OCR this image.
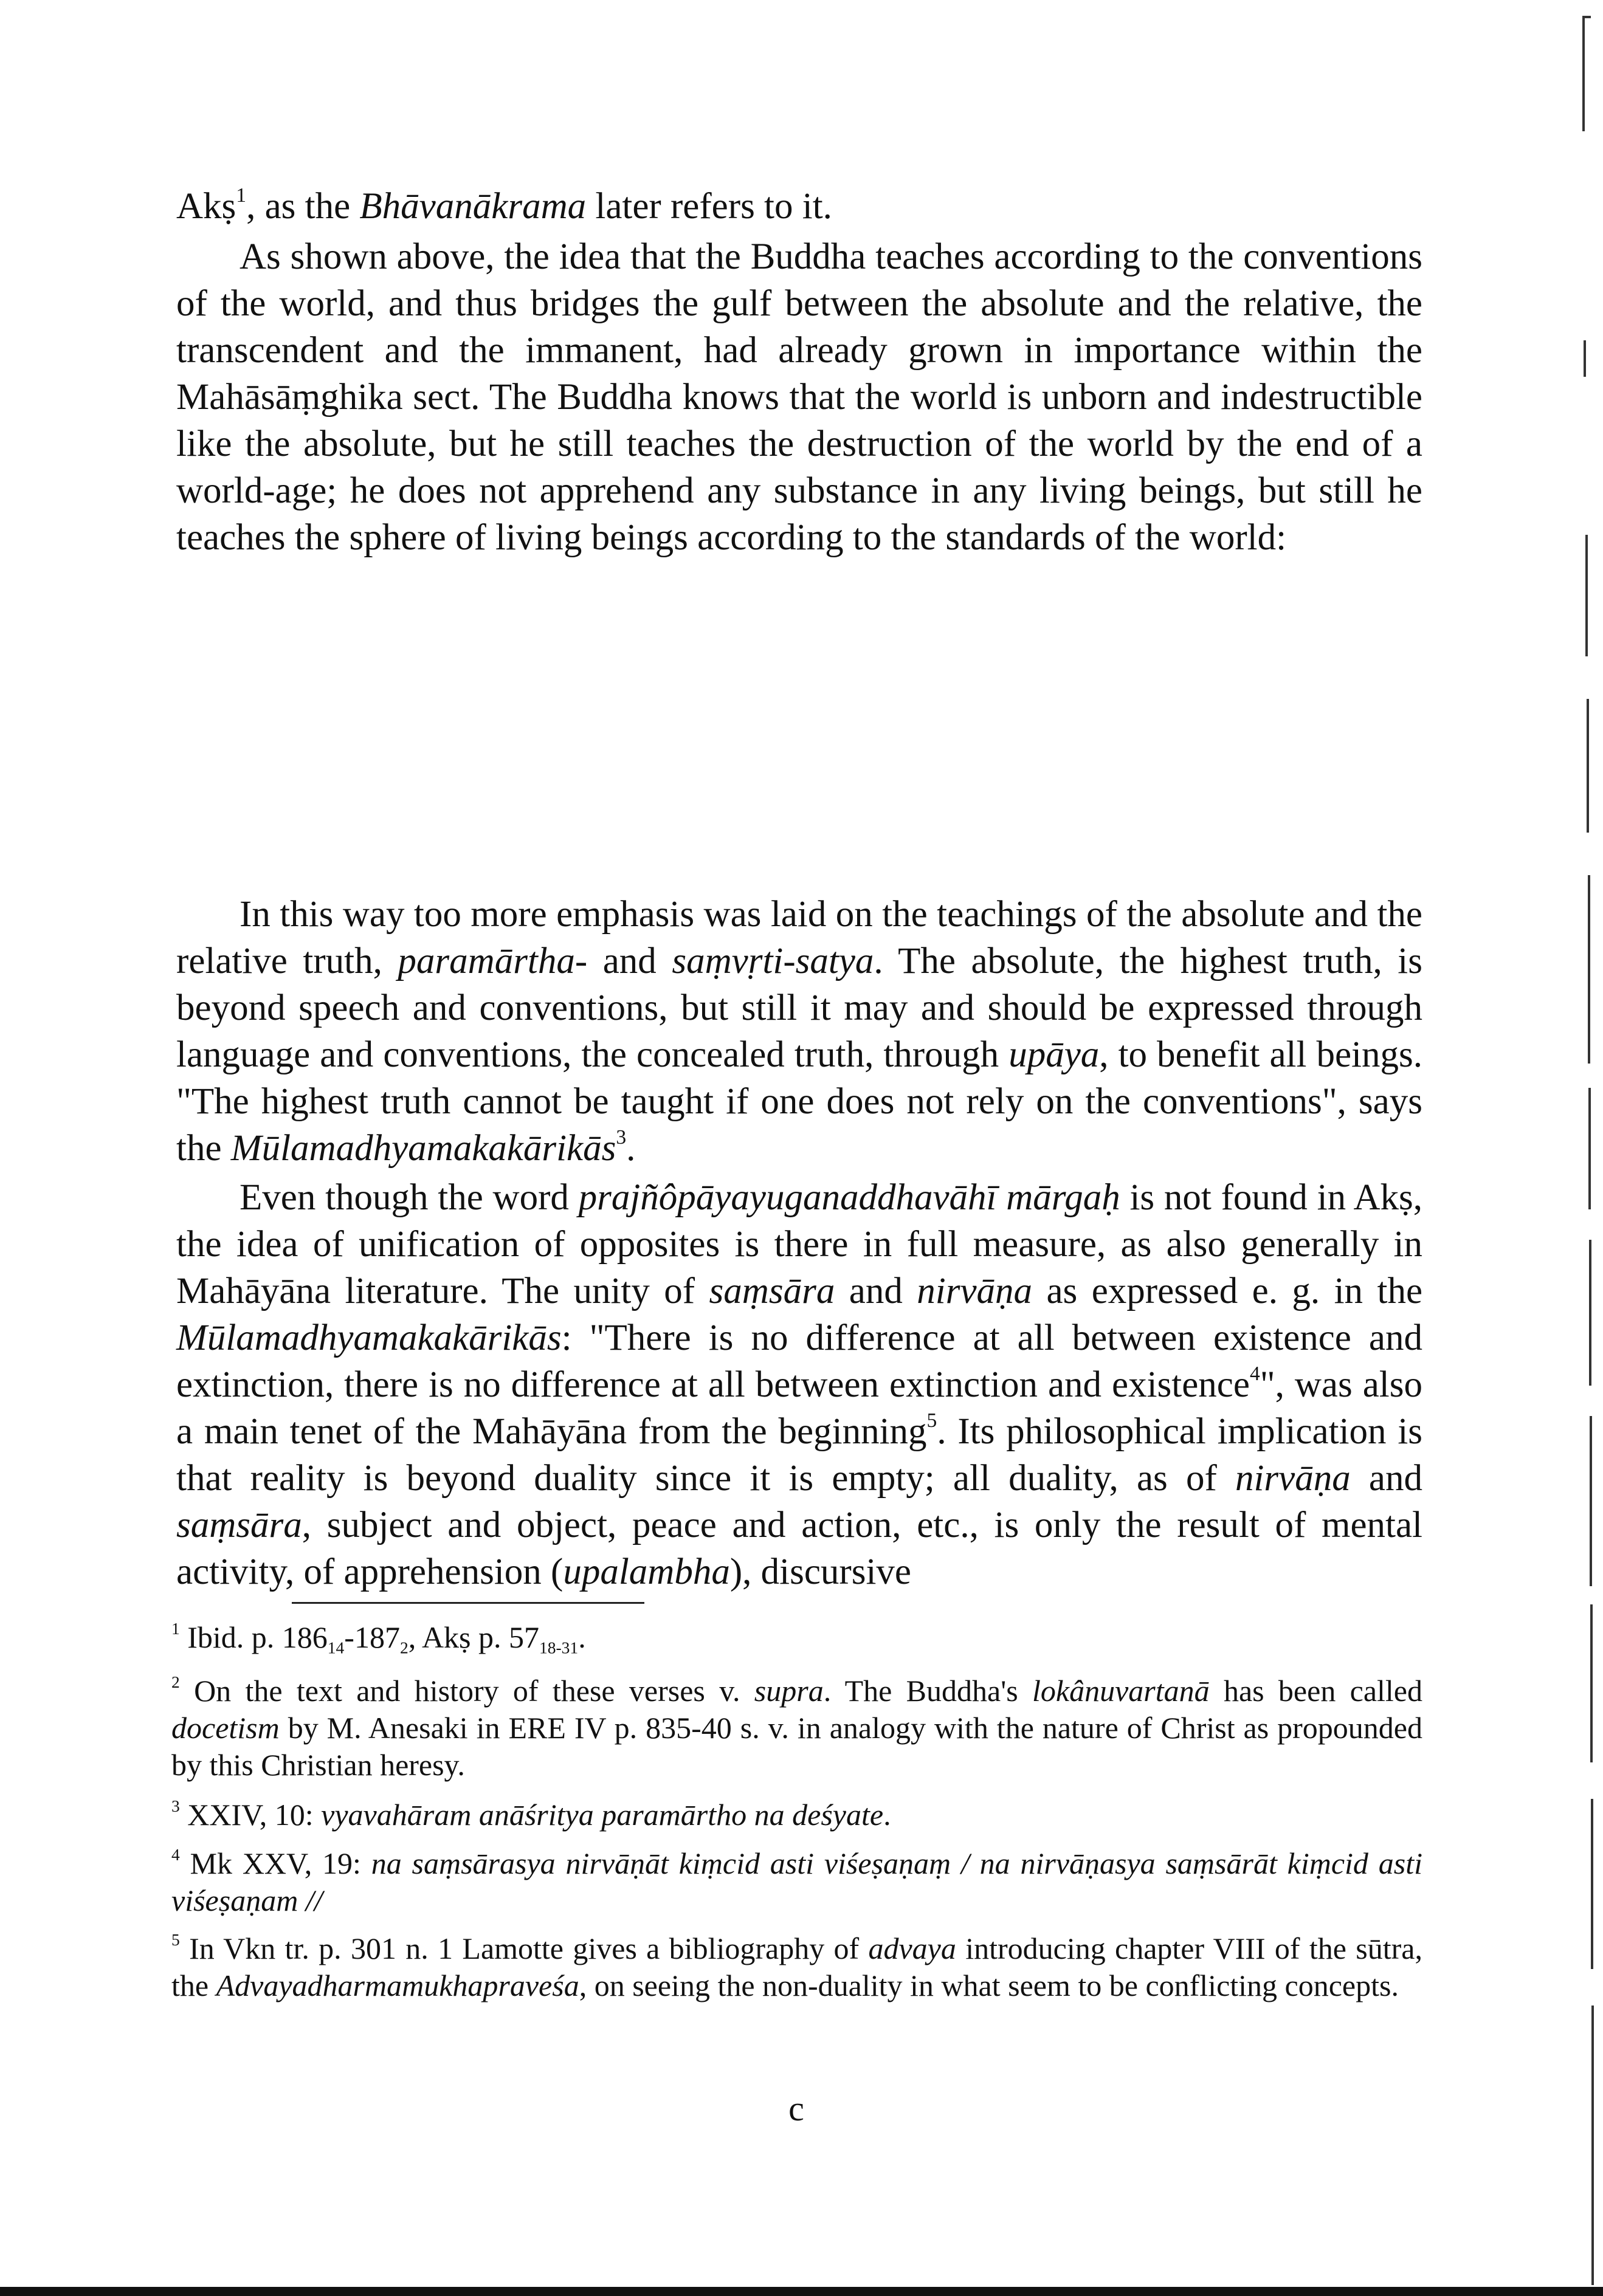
Akṣ$^1$, as the Bhāvanākrama later refers to it.

As shown above, the idea that the Buddha teaches according to the conventions of the world, and thus bridges the gulf between the absolute and the relative, the transcendent and the immanent, had already grown in importance within the Mahāsāṃghika sect. The Buddha knows that the world is unborn and indestructible like the absolute, but he still teaches the destruction of the world by the end of a world-age; he does not apprehend any substance in any living beings, but still he teaches the sphere of living beings according to the standards of the world:

In this way too more emphasis was laid on the teachings of the absolute and the relative truth, paramārtha- and saṃvṛti-satya. The absolute, the highest truth, is beyond speech and conventions, but still it may and should be expressed through language and conventions, the concealed truth, through upāya, to benefit all beings. "The highest truth cannot be taught if one does not rely on the conventions", says the Mūlamadhyamakakārikās$^3$.

Even though the word prajñôpāyayuganaddhavāhī mārgaḥ is not found in Akṣ, the idea of unification of opposites is there in full measure, as also generally in Mahāyāna literature. The unity of saṃsāra and nirvāṇa as expressed e. g. in the Mūlamadhyamakakārikās: "There is no difference at all between existence and extinction, there is no difference at all between extinction and existence$^4$", was also a main tenet of the Mahāyāna from the beginning$^5$. Its philosophical implication is that reality is beyond duality since it is empty; all duality, as of nirvāṇa and saṃsāra, subject and object, peace and action, etc., is only the result of mental activity, of apprehension (upalambha), discursive

$^1$ Ibid. p. $186_{14}-187_2$, Akṣ p. $57_{18-31}$.

$^2$ On the text and history of these verses v. supra. The Buddha's lokânuvartanā has been called docetism by M. Anesaki in ERE IV p. 835-40 s. v. in analogy with the nature of Christ as propounded by this Christian heresy.

$^3$ XXIV, 10: vyavahāram anāśritya paramārtho na deśyate.

$^4$ Mk XXV, 19: na saṃsārasya nirvāṇāt kiṃcid asti viśeṣaṇaṃ / na nirvāṇasya saṃsārāt kiṃcid asti viśeṣaṇam //

$^5$ In Vkn tr. p. 301 n. 1 Lamotte gives a bibliography of advaya introducing chapter VIII of the sūtra, the Advayadharmamukhapraveśa, on seeing the non-duality in what seem to be conflicting concepts.

c
